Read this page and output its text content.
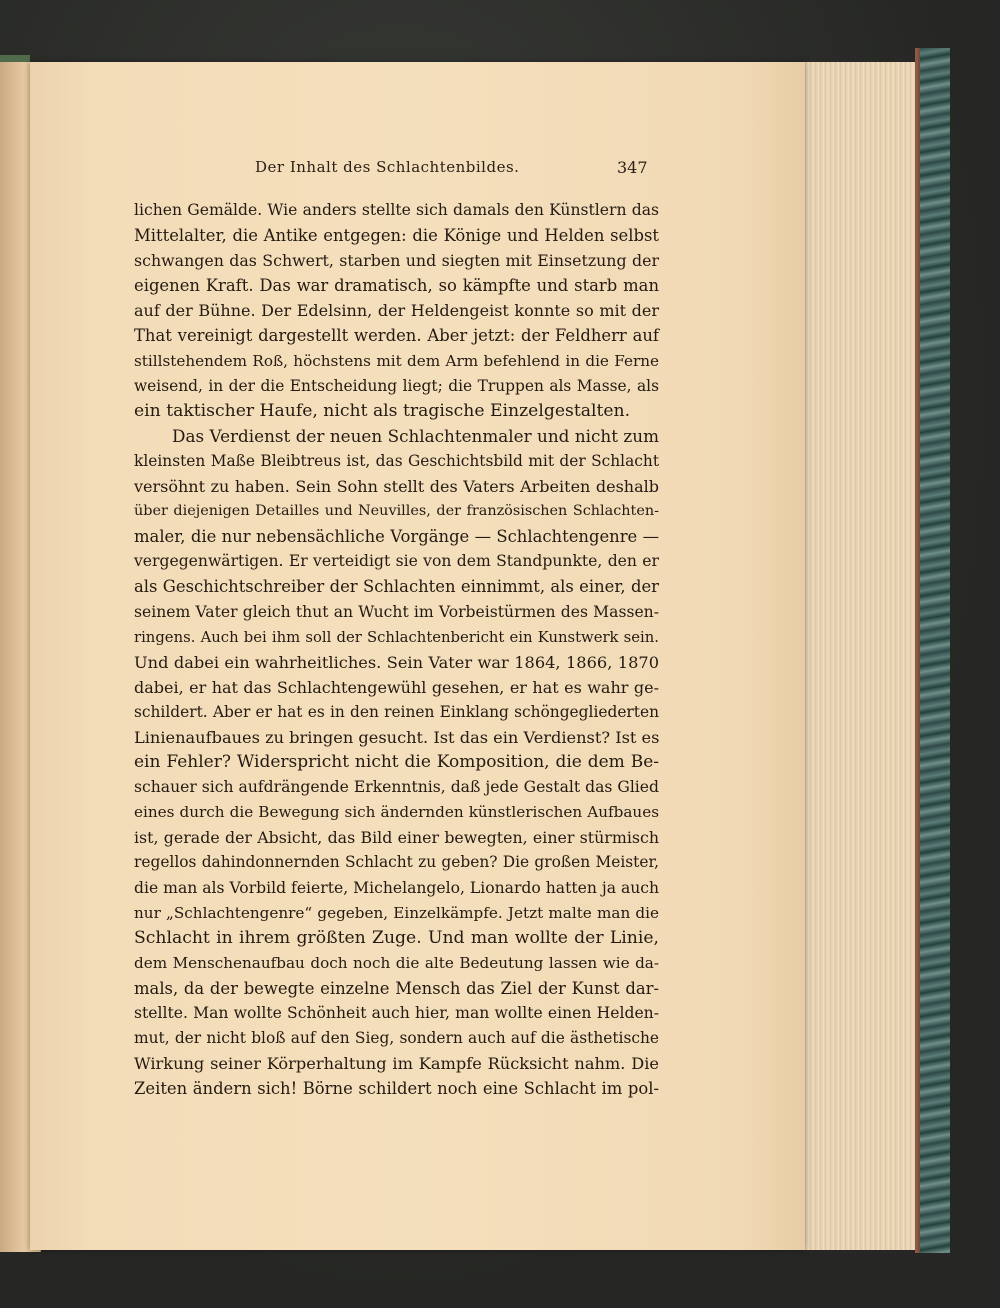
Der Inhalt des Schlachtenbildes.	347
lichen Gemälde. Wie anders stellte sich damals den Künstlern das
Mittelalter, die Antike entgegen: die Könige und Helden selbst
schwangen das Schwert, starben und siegten mit Einsetzung der
eigenen Kraft. Das war dramatisch, so kämpfte und starb man
auf der Bühne. Der Edelsinn, der Heldengeist konnte so mit der
That vereinigt dargestellt werden. Aber jetzt: der Feldherr auf
stillstehendem Roß, höchstens mit dem Arm befehlend in die Ferne
weisend, in der die Entscheidung liegt; die Truppen als Masse, als
ein taktischer Haufe, nicht als tragische Einzelgestalten.
Das Verdienst der neuen Schlachtenmaler und nicht zum
kleinsten Maße Bleibtreus ist, das Geschichtsbild mit der Schlacht
versöhnt zu haben. Sein Sohn stellt des Vaters Arbeiten deshalb
über diejenigen Detailles und Neuvilles, der französischen Schlachten-
maler, die nur nebensächliche Vorgänge — Schlachtengenre —
vergegenwärtigen. Er verteidigt sie von dem Standpunkte, den er
als Geschichtschreiber der Schlachten einnimmt, als einer, der
seinem Vater gleich thut an Wucht im Vorbeistürmen des Massen-
ringens. Auch bei ihm soll der Schlachtenbericht ein Kunstwerk sein.
Und dabei ein wahrheitliches. Sein Vater war 1864, 1866, 1870
dabei, er hat das Schlachtengewühl gesehen, er hat es wahr ge-
schildert. Aber er hat es in den reinen Einklang schöngegliederten
Linienaufbaues zu bringen gesucht. Ist das ein Verdienst? Ist es
ein Fehler? Widerspricht nicht die Komposition, die dem Be-
schauer sich aufdrängende Erkenntnis, daß jede Gestalt das Glied
eines durch die Bewegung sich ändernden künstlerischen Aufbaues
ist, gerade der Absicht, das Bild einer bewegten, einer stürmisch
regellos dahindonnernden Schlacht zu geben? Die großen Meister,
die man als Vorbild feierte, Michelangelo, Lionardo hatten ja auch
nur „Schlachtengenre“ gegeben, Einzelkämpfe. Jetzt malte man die
Schlacht in ihrem größten Zuge. Und man wollte der Linie,
dem Menschenaufbau doch noch die alte Bedeutung lassen wie da-
mals, da der bewegte einzelne Mensch das Ziel der Kunst dar-
stellte. Man wollte Schönheit auch hier, man wollte einen Helden-
mut, der nicht bloß auf den Sieg, sondern auch auf die ästhetische
Wirkung seiner Körperhaltung im Kampfe Rücksicht nahm. Die
Zeiten ändern sich! Börne schildert noch eine Schlacht im pol-
